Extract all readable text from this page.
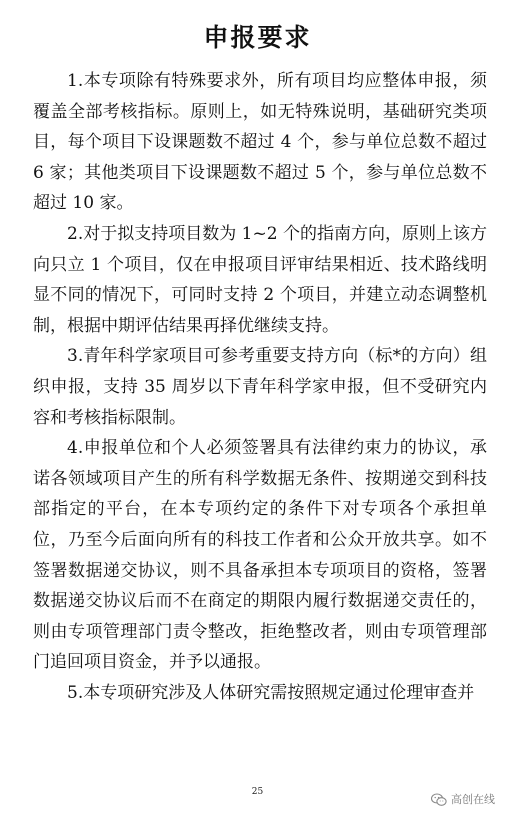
申报要求

1.本专项除有特殊要求外，所有项目均应整体申报，须覆盖全部考核指标。原则上，如无特殊说明，基础研究类项目，每个项目下设课题数不超过 4 个，参与单位总数不超过 6 家；其他类项目下设课题数不超过 5 个，参与单位总数不超过 10 家。

2.对于拟支持项目数为 1~2 个的指南方向，原则上该方向只立 1 个项目，仅在申报项目评审结果相近、技术路线明显不同的情况下，可同时支持 2 个项目，并建立动态调整机制，根据中期评估结果再择优继续支持。

3.青年科学家项目可参考重要支持方向（标*的方向）组织申报，支持 35 周岁以下青年科学家申报，但不受研究内容和考核指标限制。

4.申报单位和个人必须签署具有法律约束力的协议，承诺各领域项目产生的所有科学数据无条件、按期递交到科技部指定的平台，在本专项约定的条件下对专项各个承担单位，乃至今后面向所有的科技工作者和公众开放共享。如不签署数据递交协议，则不具备承担本专项项目的资格，签署数据递交协议后而不在商定的期限内履行数据递交责任的，则由专项管理部门责令整改，拒绝整改者，则由专项管理部门追回项目资金，并予以通报。

5.本专项研究涉及人体研究需按照规定通过伦理审查并

25
高创在线
